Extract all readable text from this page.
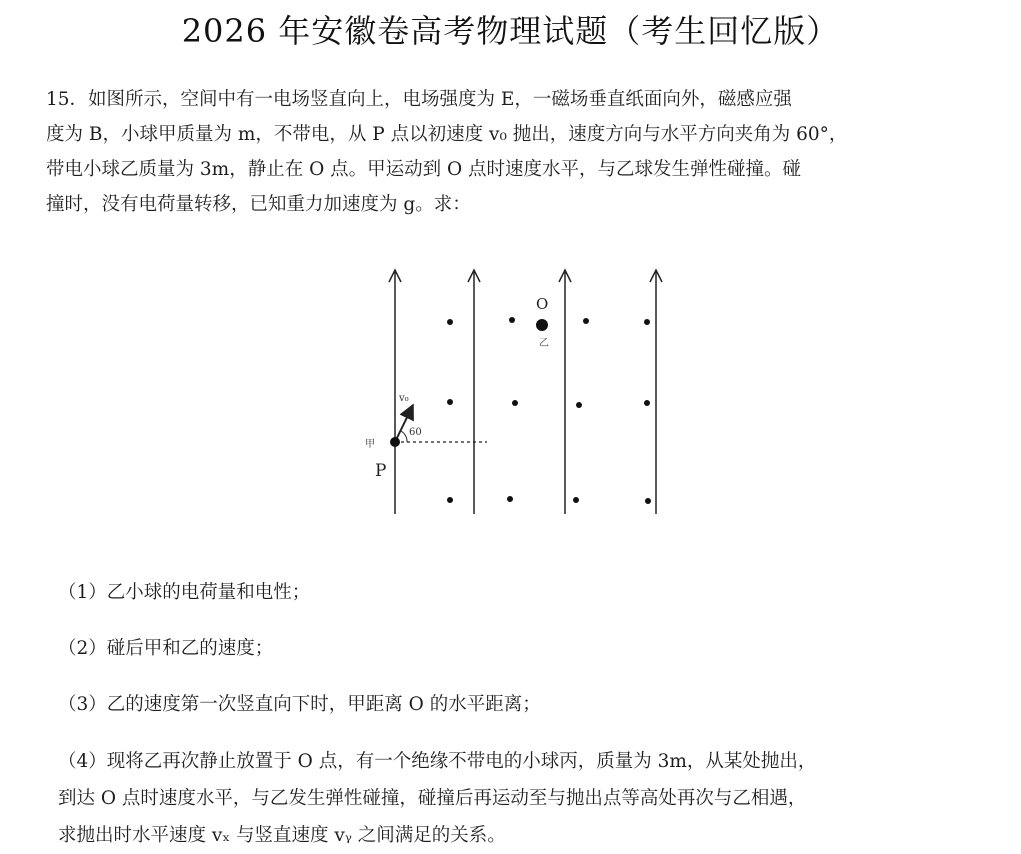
2026 年安徽卷高考物理试题（考生回忆版）
15．如图所示，空间中有一电场竖直向上，电场强度为 E，一磁场垂直纸面向外，磁感应强
度为 B，小球甲质量为 m，不带电，从 P 点以初速度 v₀ 抛出，速度方向与水平方向夹角为 60°，
带电小球乙质量为 3m，静止在 O 点。甲运动到 O 点时速度水平，与乙球发生弹性碰撞。碰
撞时，没有电荷量转移，已知重力加速度为 g。求：
O
乙
v₀
60
甲
P
（1）乙小球的电荷量和电性；
（2）碰后甲和乙的速度；
（3）乙的速度第一次竖直向下时，甲距离 O 的水平距离；
（4）现将乙再次静止放置于 O 点，有一个绝缘不带电的小球丙，质量为 3m，从某处抛出，
到达 O 点时速度水平，与乙发生弹性碰撞，碰撞后再运动至与抛出点等高处再次与乙相遇，
求抛出时水平速度 vₓ 与竖直速度 vᵧ 之间满足的关系。
